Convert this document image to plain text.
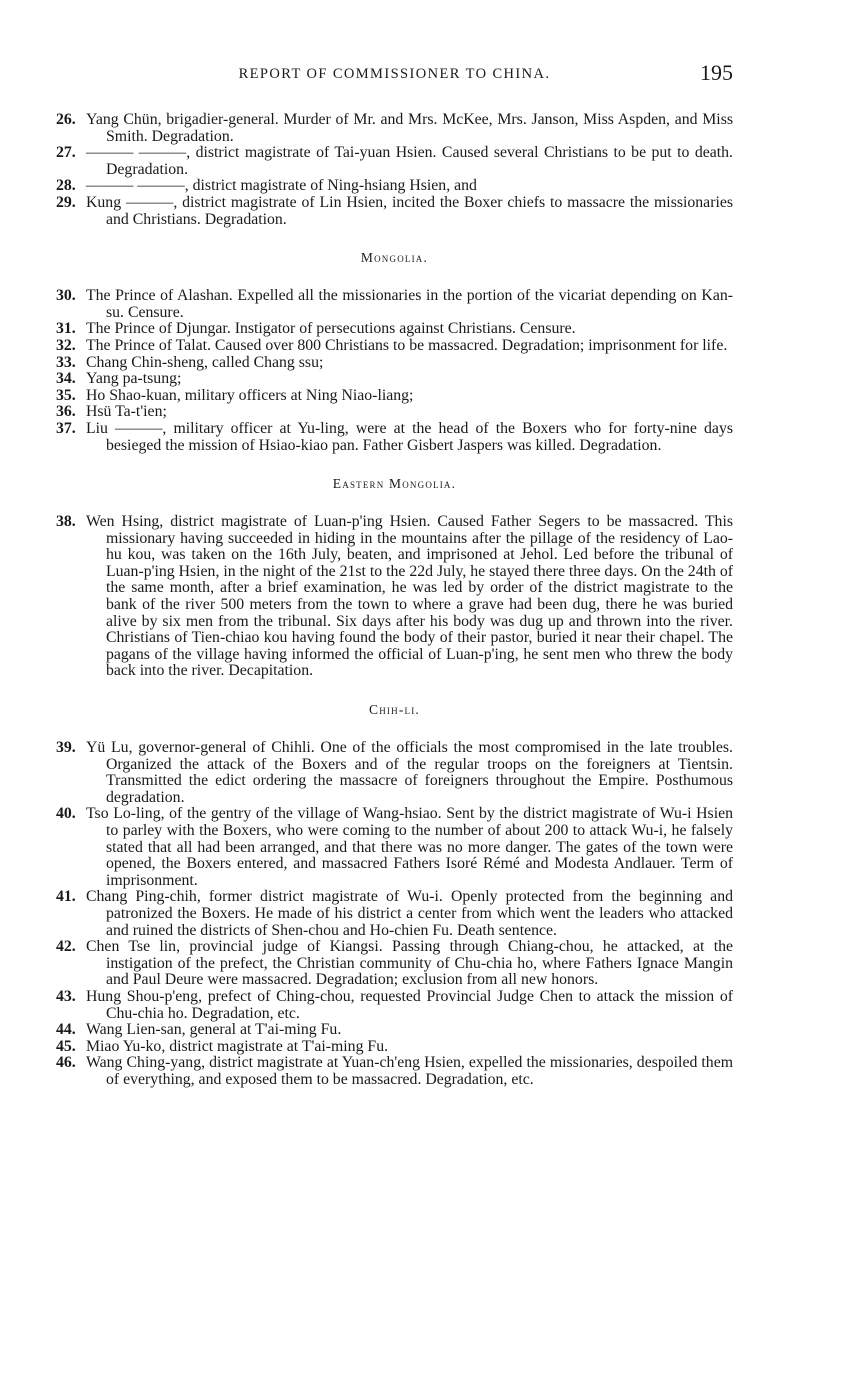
REPORT OF COMMISSIONER TO CHINA.	195

26. Yang Chün, brigadier-general. Murder of Mr. and Mrs. McKee, Mrs. Janson, Miss Aspden, and Miss Smith. Degradation.

27. ——— ———, district magistrate of Tai-yuan Hsien. Caused several Christians to be put to death. Degradation.

28. ——— ———, district magistrate of Ning-hsiang Hsien, and

29. Kung ———, district magistrate of Lin Hsien, incited the Boxer chiefs to massacre the missionaries and Christians. Degradation.

Mongolia.

30. The Prince of Alashan. Expelled all the missionaries in the portion of the vicariat depending on Kan-su. Censure.

31. The Prince of Djungar. Instigator of persecutions against Christians. Censure.

32. The Prince of Talat. Caused over 800 Christians to be massacred. Degradation; imprisonment for life.

33. Chang Chin-sheng, called Chang ssu;

34. Yang pa-tsung;

35. Ho Shao-kuan, military officers at Ning Niao-liang;

36. Hsü Ta-t'ien;

37. Liu ———, military officer at Yu-ling, were at the head of the Boxers who for forty-nine days besieged the mission of Hsiao-kiao pan. Father Gisbert Jaspers was killed. Degradation.

Eastern Mongolia.

38. Wen Hsing, district magistrate of Luan-p'ing Hsien. Caused Father Segers to be massacred. This missionary having succeeded in hiding in the mountains after the pillage of the residency of Lao-hu kou, was taken on the 16th July, beaten, and imprisoned at Jehol. Led before the tribunal of Luan-p'ing Hsien, in the night of the 21st to the 22d July, he stayed there three days. On the 24th of the same month, after a brief examination, he was led by order of the district magistrate to the bank of the river 500 meters from the town to where a grave had been dug, there he was buried alive by six men from the tribunal. Six days after his body was dug up and thrown into the river. Christians of Tien-chiao kou having found the body of their pastor, buried it near their chapel. The pagans of the village having informed the official of Luan-p'ing, he sent men who threw the body back into the river. Decapitation.

Chih-li.

39. Yü Lu, governor-general of Chihli. One of the officials the most compromised in the late troubles. Organized the attack of the Boxers and of the regular troops on the foreigners at Tientsin. Transmitted the edict ordering the massacre of foreigners throughout the Empire. Posthumous degradation.

40. Tso Lo-ling, of the gentry of the village of Wang-hsiao. Sent by the district magistrate of Wu-i Hsien to parley with the Boxers, who were coming to the number of about 200 to attack Wu-i, he falsely stated that all had been arranged, and that there was no more danger. The gates of the town were opened, the Boxers entered, and massacred Fathers Isoré Rémé and Modesta Andlauer. Term of imprisonment.

41. Chang Ping-chih, former district magistrate of Wu-i. Openly protected from the beginning and patronized the Boxers. He made of his district a center from which went the leaders who attacked and ruined the districts of Shen-chou and Ho-chien Fu. Death sentence.

42. Chen Tse lin, provincial judge of Kiangsi. Passing through Chiang-chou, he attacked, at the instigation of the prefect, the Christian community of Chu-chia ho, where Fathers Ignace Mangin and Paul Deure were massacred. Degradation; exclusion from all new honors.

43. Hung Shou-p'eng, prefect of Ching-chou, requested Provincial Judge Chen to attack the mission of Chu-chia ho. Degradation, etc.

44. Wang Lien-san, general at T'ai-ming Fu.

45. Miao Yu-ko, district magistrate at T'ai-ming Fu.

46. Wang Ching-yang, district magistrate at Yuan-ch'eng Hsien, expelled the missionaries, despoiled them of everything, and exposed them to be massacred. Degradation, etc.
